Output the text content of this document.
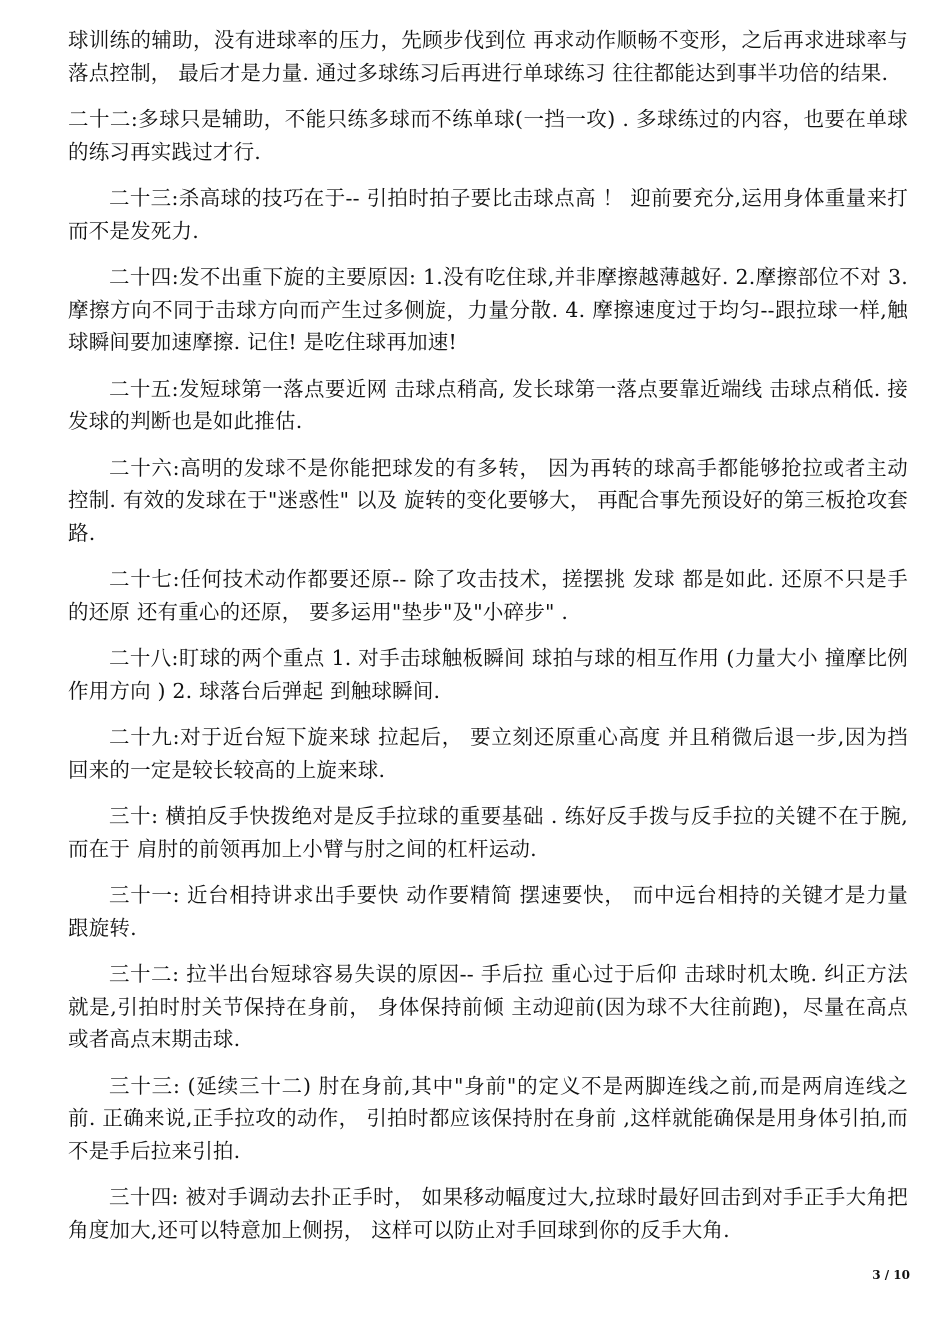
球训练的辅助，没有进球率的压力，先顾步伐到位 再求动作顺畅不变形，之后再求进球率与落点控制， 最后才是力量. 通过多球练习后再进行单球练习 往往都能达到事半功倍的结果.

二十二:多球只是辅助，不能只练多球而不练单球(一挡一攻) . 多球练过的内容，也要在单球的练习再实践过才行.

二十三:杀高球的技巧在于-- 引拍时拍子要比击球点高 ！ 迎前要充分,运用身体重量来打而不是发死力.

二十四:发不出重下旋的主要原因: 1.没有吃住球,并非摩擦越薄越好. 2.摩擦部位不对 3. 摩擦方向不同于击球方向而产生过多侧旋，力量分散. 4. 摩擦速度过于均匀--跟拉球一样,触球瞬间要加速摩擦. 记住! 是吃住球再加速!

二十五:发短球第一落点要近网 击球点稍高, 发长球第一落点要靠近端线 击球点稍低. 接发球的判断也是如此推估.

二十六:高明的发球不是你能把球发的有多转， 因为再转的球高手都能够抢拉或者主动控制. 有效的发球在于"迷惑性" 以及 旋转的变化要够大， 再配合事先预设好的第三板抢攻套路.

二十七:任何技术动作都要还原-- 除了攻击技术，搓摆挑 发球 都是如此. 还原不只是手的还原 还有重心的还原， 要多运用"垫步"及"小碎步" .

二十八:盯球的两个重点 1. 对手击球触板瞬间 球拍与球的相互作用 (力量大小 撞摩比例 作用方向 ) 2. 球落台后弹起 到触球瞬间.

二十九:对于近台短下旋来球 拉起后， 要立刻还原重心高度 并且稍微后退一步,因为挡回来的一定是较长较高的上旋来球.

三十: 横拍反手快拨绝对是反手拉球的重要基础 . 练好反手拨与反手拉的关键不在于腕,而在于 肩肘的前领再加上小臂与肘之间的杠杆运动.

三十一: 近台相持讲求出手要快 动作要精简 摆速要快， 而中远台相持的关键才是力量跟旋转.

三十二: 拉半出台短球容易失误的原因-- 手后拉 重心过于后仰 击球时机太晚. 纠正方法就是,引拍时肘关节保持在身前， 身体保持前倾 主动迎前(因为球不大往前跑)，尽量在高点或者高点末期击球.

三十三: (延续三十二) 肘在身前,其中"身前"的定义不是两脚连线之前,而是两肩连线之前. 正确来说,正手拉攻的动作， 引拍时都应该保持肘在身前 ,这样就能确保是用身体引拍,而不是手后拉来引拍.

三十四: 被对手调动去扑正手时， 如果移动幅度过大,拉球时最好回击到对手正手大角把角度加大,还可以特意加上侧拐， 这样可以防止对手回球到你的反手大角.

3 / 10
